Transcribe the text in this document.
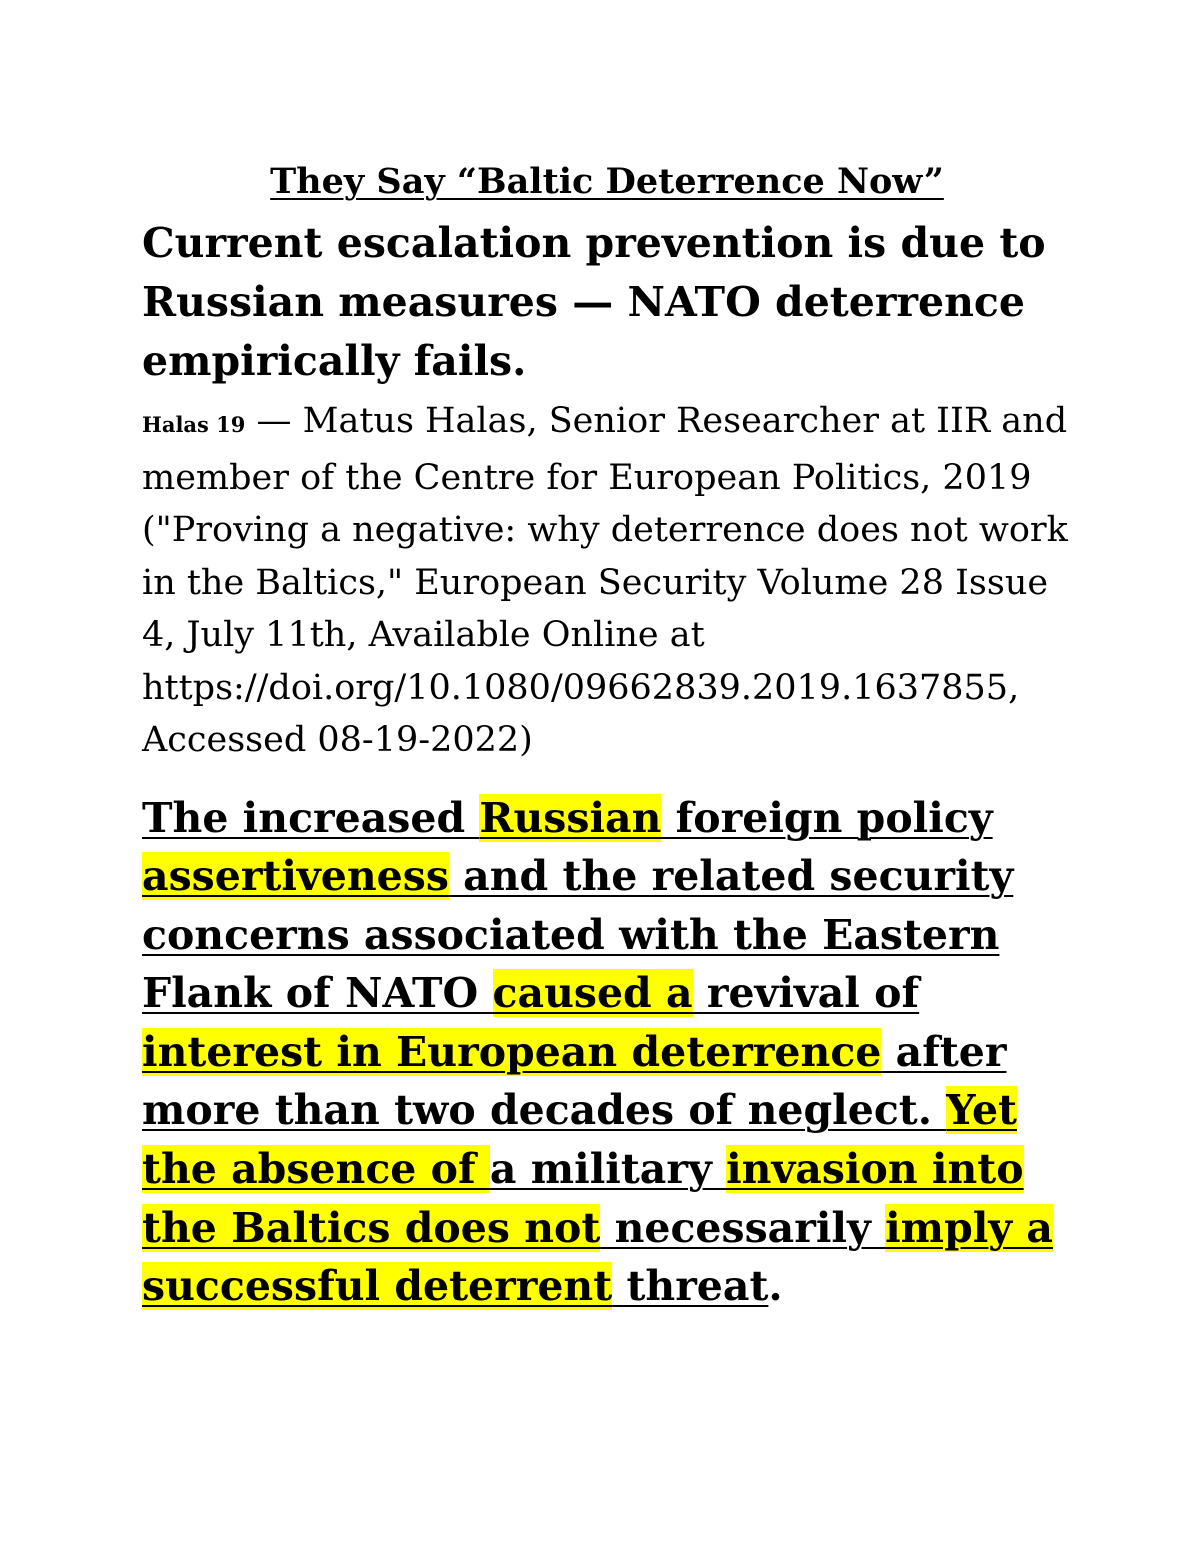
They Say “Baltic Deterrence Now”

Current escalation prevention is due to Russian measures — NATO deterrence empirically fails.

Halas 19 — Matus Halas, Senior Researcher at IIR and member of the Centre for European Politics, 2019 ("Proving a negative: why deterrence does not work in the Baltics," European Security Volume 28 Issue 4, July 11th, Available Online at https://doi.org/10.1080/09662839.2019.1637855, Accessed 08-19-2022)

The increased Russian foreign policy assertiveness and the related security concerns associated with the Eastern Flank of NATO caused a revival of interest in European deterrence after more than two decades of neglect. Yet the absence of a military invasion into the Baltics does not necessarily imply a successful deterrent threat.
